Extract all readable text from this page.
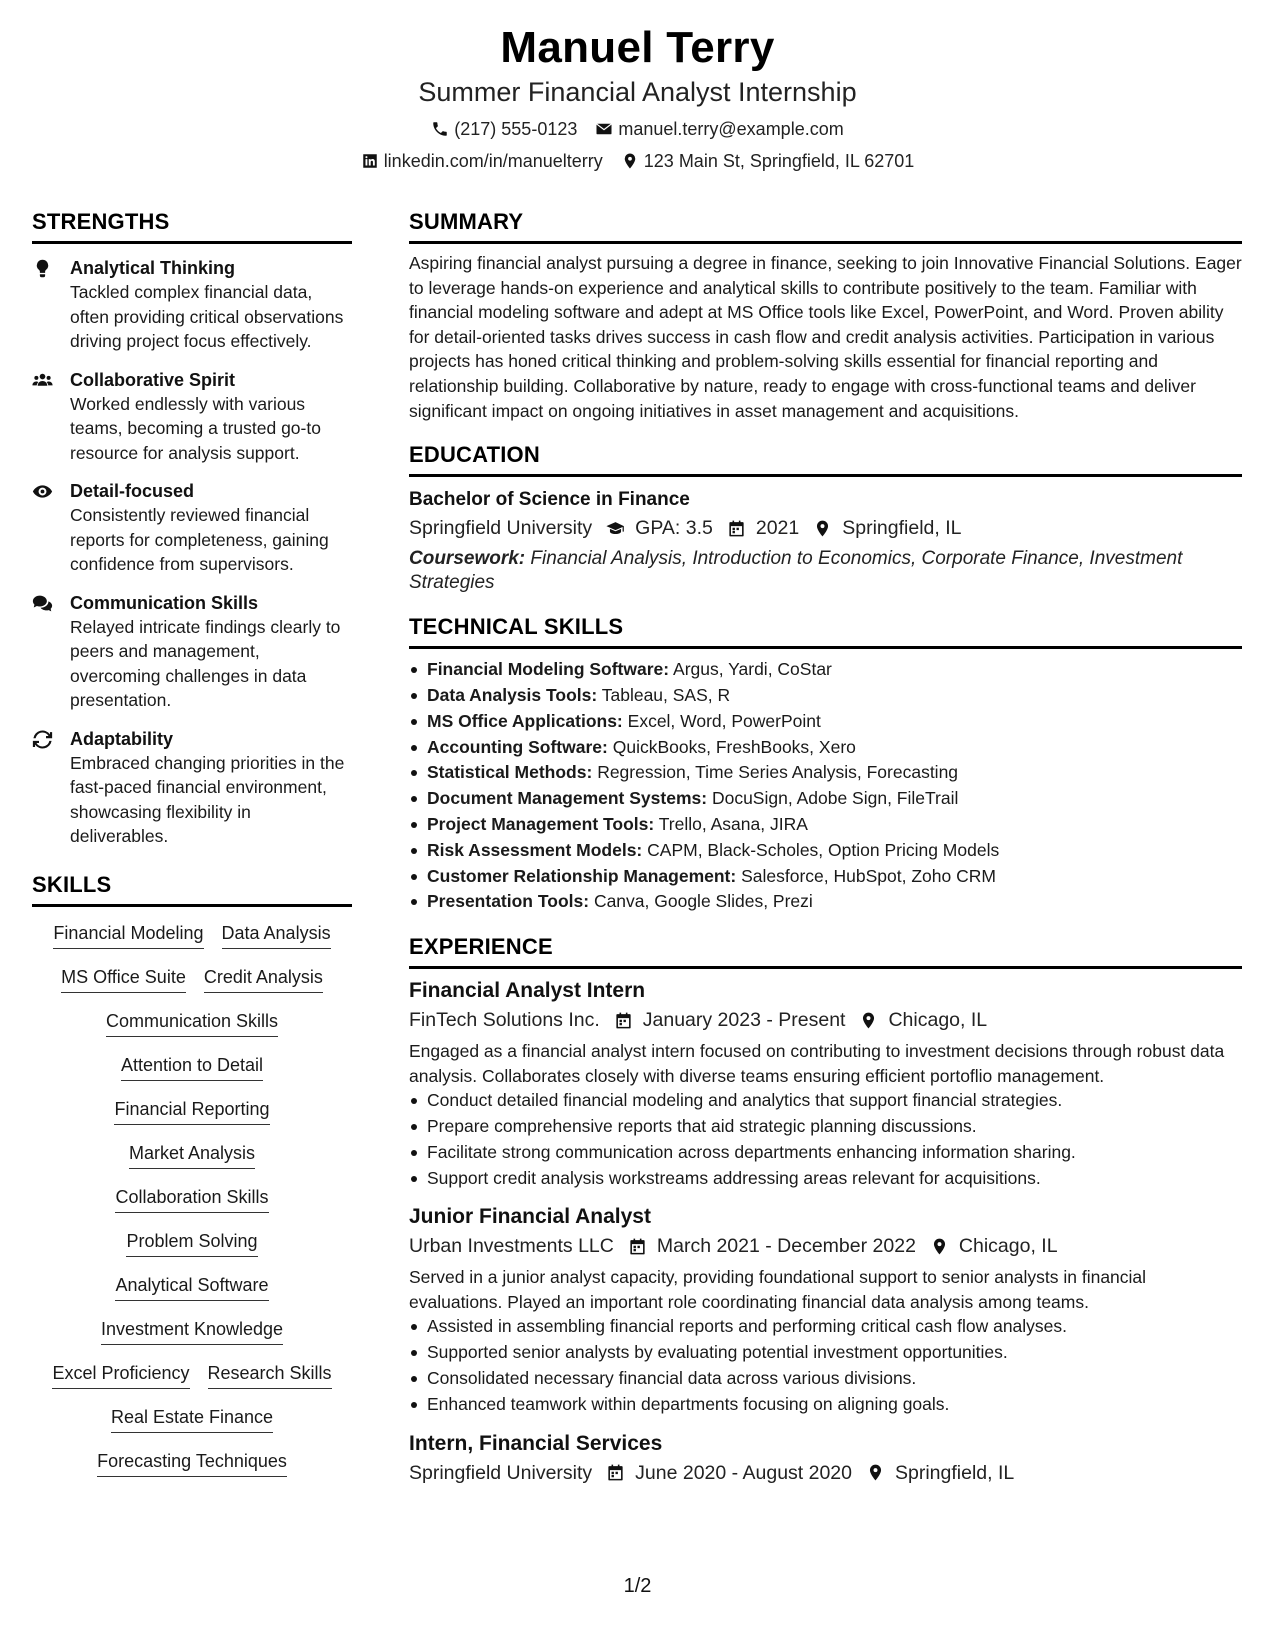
Manuel Terry
Summer Financial Analyst Internship
(217) 555-0123 manuel.terry@example.com
linkedin.com/in/manuelterry 123 Main St, Springfield, IL 62701
STRENGTHS
Analytical Thinking
Tackled complex financial data, often providing critical observations driving project focus effectively.
Collaborative Spirit
Worked endlessly with various teams, becoming a trusted go-to resource for analysis support.
Detail-focused
Consistently reviewed financial reports for completeness, gaining confidence from supervisors.
Communication Skills
Relayed intricate findings clearly to peers and management, overcoming challenges in data presentation.
Adaptability
Embraced changing priorities in the fast-paced financial environment, showcasing flexibility in deliverables.
SKILLS
Financial Modeling Data Analysis
MS Office Suite Credit Analysis
Communication Skills
Attention to Detail
Financial Reporting
Market Analysis
Collaboration Skills
Problem Solving
Analytical Software
Investment Knowledge
Excel Proficiency Research Skills
Real Estate Finance
Forecasting Techniques
SUMMARY
Aspiring financial analyst pursuing a degree in finance, seeking to join Innovative Financial Solutions. Eager to leverage hands-on experience and analytical skills to contribute positively to the team. Familiar with financial modeling software and adept at MS Office tools like Excel, PowerPoint, and Word. Proven ability for detail-oriented tasks drives success in cash flow and credit analysis activities. Participation in various projects has honed critical thinking and problem-solving skills essential for financial reporting and relationship building. Collaborative by nature, ready to engage with cross-functional teams and deliver significant impact on ongoing initiatives in asset management and acquisitions.
EDUCATION
Bachelor of Science in Finance
Springfield University GPA: 3.5 2021 Springfield, IL
Coursework: Financial Analysis, Introduction to Economics, Corporate Finance, Investment Strategies
TECHNICAL SKILLS
Financial Modeling Software: Argus, Yardi, CoStar
Data Analysis Tools: Tableau, SAS, R
MS Office Applications: Excel, Word, PowerPoint
Accounting Software: QuickBooks, FreshBooks, Xero
Statistical Methods: Regression, Time Series Analysis, Forecasting
Document Management Systems: DocuSign, Adobe Sign, FileTrail
Project Management Tools: Trello, Asana, JIRA
Risk Assessment Models: CAPM, Black-Scholes, Option Pricing Models
Customer Relationship Management: Salesforce, HubSpot, Zoho CRM
Presentation Tools: Canva, Google Slides, Prezi
EXPERIENCE
Financial Analyst Intern
FinTech Solutions Inc. January 2023 - Present Chicago, IL
Engaged as a financial analyst intern focused on contributing to investment decisions through robust data analysis. Collaborates closely with diverse teams ensuring efficient portoflio management.
Conduct detailed financial modeling and analytics that support financial strategies.
Prepare comprehensive reports that aid strategic planning discussions.
Facilitate strong communication across departments enhancing information sharing.
Support credit analysis workstreams addressing areas relevant for acquisitions.
Junior Financial Analyst
Urban Investments LLC March 2021 - December 2022 Chicago, IL
Served in a junior analyst capacity, providing foundational support to senior analysts in financial evaluations. Played an important role coordinating financial data analysis among teams.
Assisted in assembling financial reports and performing critical cash flow analyses.
Supported senior analysts by evaluating potential investment opportunities.
Consolidated necessary financial data across various divisions.
Enhanced teamwork within departments focusing on aligning goals.
Intern, Financial Services
Springfield University June 2020 - August 2020 Springfield, IL
1/2
